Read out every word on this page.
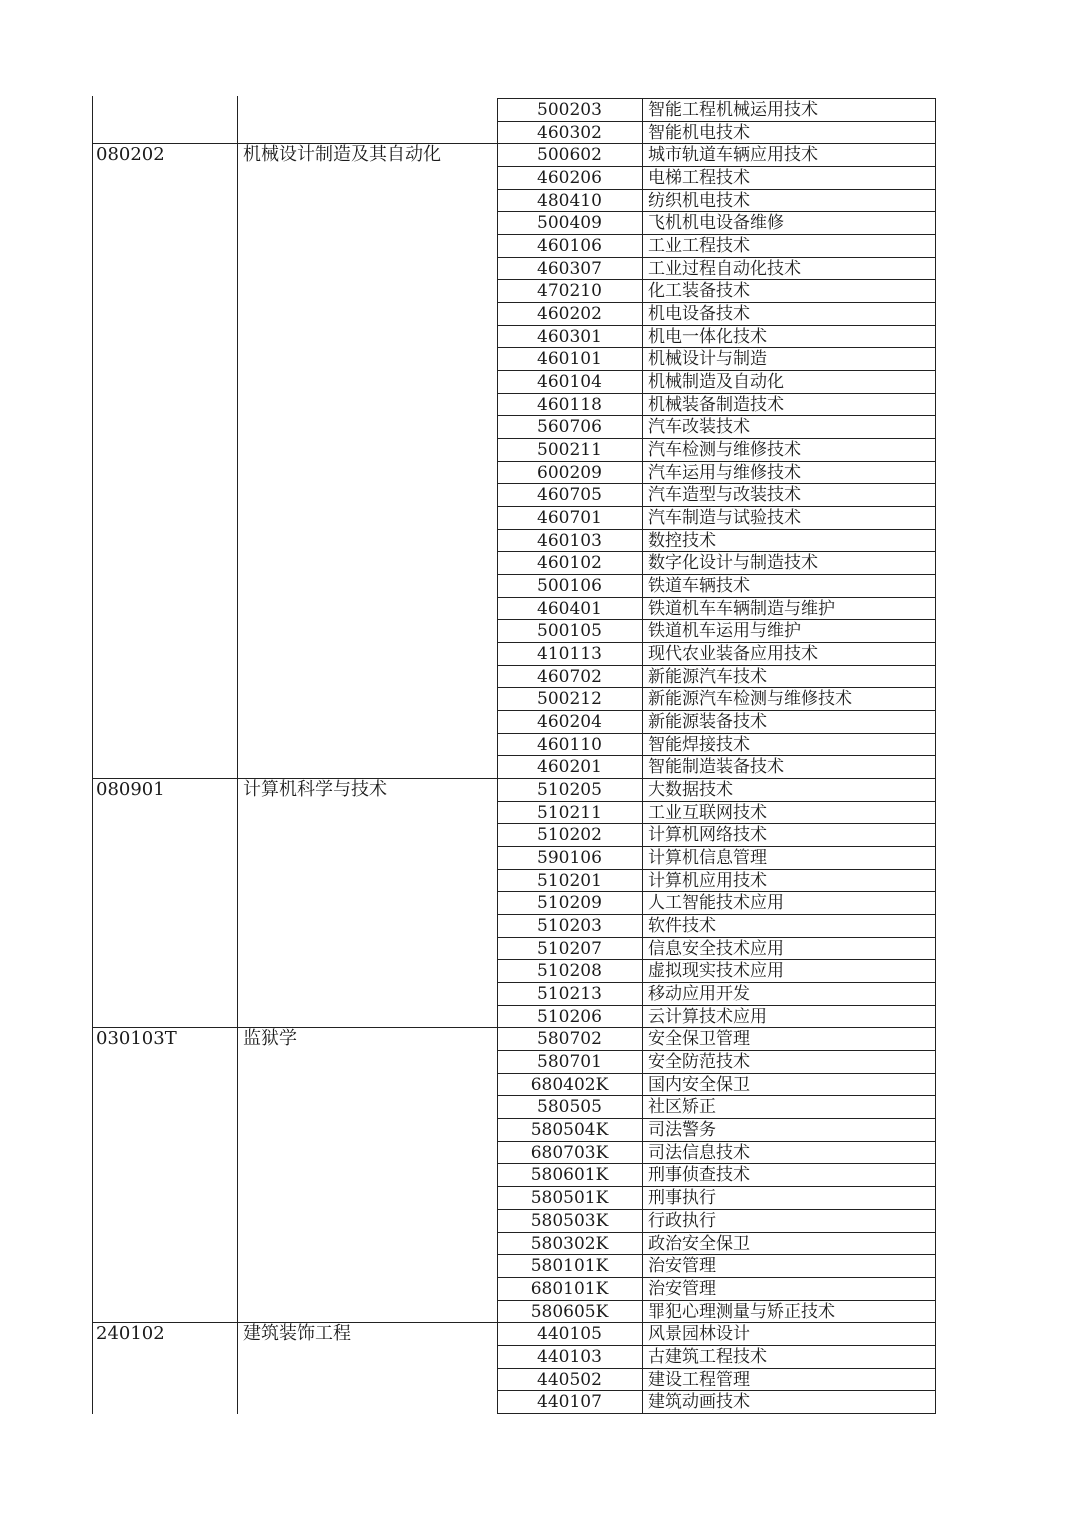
500203	智能工程机械运用技术
460302	智能机电技术
080202	机械设计制造及其自动化	500602	城市轨道车辆应用技术
460206	电梯工程技术
480410	纺织机电技术
500409	飞机机电设备维修
460106	工业工程技术
460307	工业过程自动化技术
470210	化工装备技术
460202	机电设备技术
460301	机电一体化技术
460101	机械设计与制造
460104	机械制造及自动化
460118	机械装备制造技术
560706	汽车改装技术
500211	汽车检测与维修技术
600209	汽车运用与维修技术
460705	汽车造型与改装技术
460701	汽车制造与试验技术
460103	数控技术
460102	数字化设计与制造技术
500106	铁道车辆技术
460401	铁道机车车辆制造与维护
500105	铁道机车运用与维护
410113	现代农业装备应用技术
460702	新能源汽车技术
500212	新能源汽车检测与维修技术
460204	新能源装备技术
460110	智能焊接技术
460201	智能制造装备技术
080901	计算机科学与技术	510205	大数据技术
510211	工业互联网技术
510202	计算机网络技术
590106	计算机信息管理
510201	计算机应用技术
510209	人工智能技术应用
510203	软件技术
510207	信息安全技术应用
510208	虚拟现实技术应用
510213	移动应用开发
510206	云计算技术应用
030103T	监狱学	580702	安全保卫管理
580701	安全防范技术
680402K	国内安全保卫
580505	社区矫正
580504K	司法警务
680703K	司法信息技术
580601K	刑事侦查技术
580501K	刑事执行
580503K	行政执行
580302K	政治安全保卫
580101K	治安管理
680101K	治安管理
580605K	罪犯心理测量与矫正技术
240102	建筑装饰工程	440105	风景园林设计
440103	古建筑工程技术
440502	建设工程管理
440107	建筑动画技术
